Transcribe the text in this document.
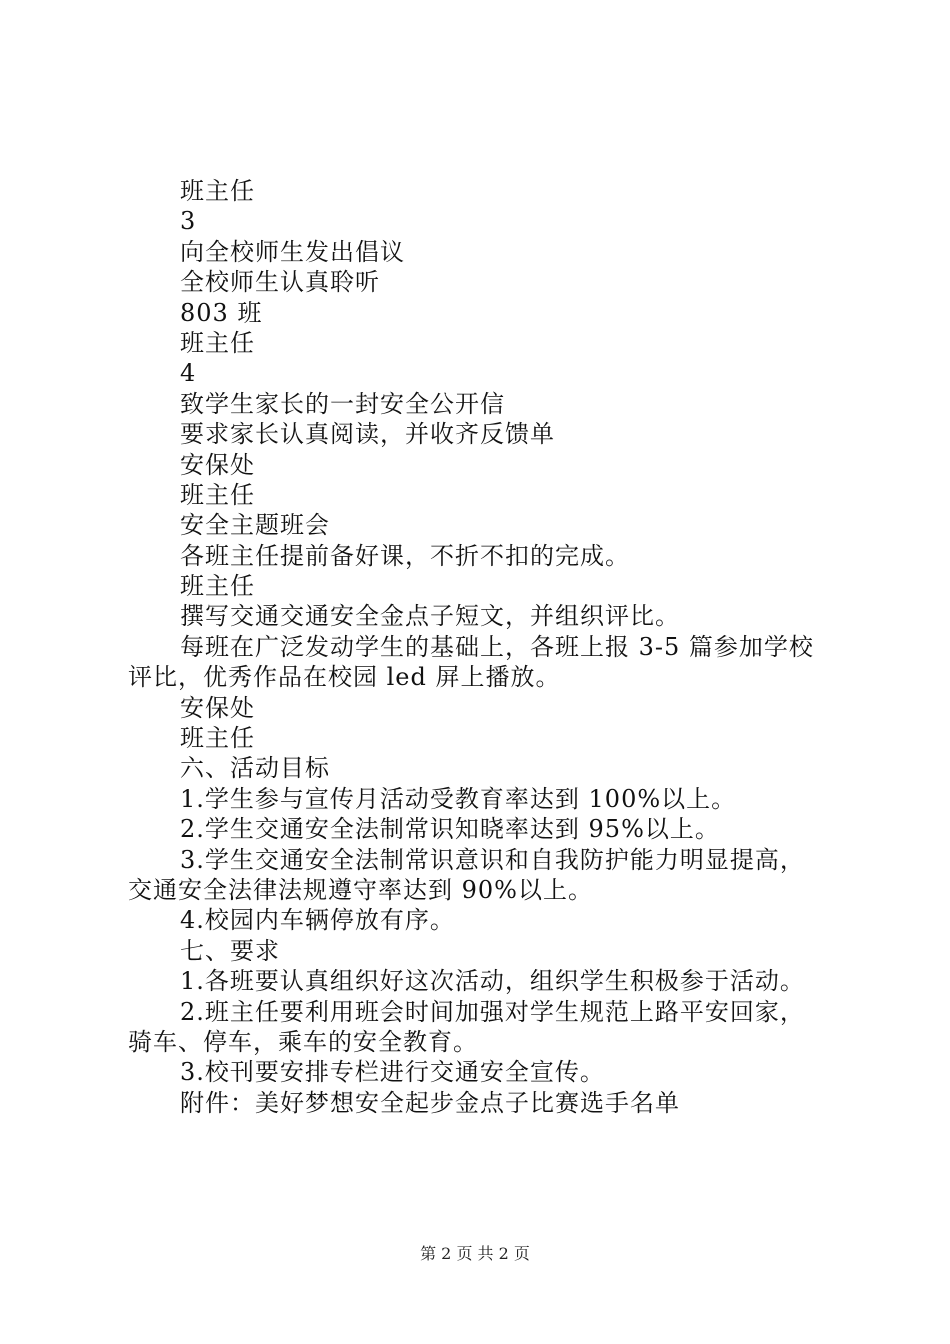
班主任
3
向全校师生发出倡议
全校师生认真聆听
803 班
班主任
4
致学生家长的一封安全公开信
要求家长认真阅读，并收齐反馈单
安保处
班主任
安全主题班会
各班主任提前备好课，不折不扣的完成。
班主任
撰写交通交通安全金点子短文，并组织评比。
每班在广泛发动学生的基础上，各班上报 3-5 篇参加学校
评比，优秀作品在校园 led 屏上播放。
安保处
班主任
六、活动目标
1.学生参与宣传月活动受教育率达到 100%以上。
2.学生交通安全法制常识知晓率达到 95%以上。
3.学生交通安全法制常识意识和自我防护能力明显提高，
交通安全法律法规遵守率达到 90%以上。
4.校园内车辆停放有序。
七、要求
1.各班要认真组织好这次活动，组织学生积极参于活动。
2.班主任要利用班会时间加强对学生规范上路平安回家，
骑车、停车，乘车的安全教育。
3.校刊要安排专栏进行交通安全宣传。
附件：美好梦想安全起步金点子比赛选手名单
第 2 页 共 2 页
